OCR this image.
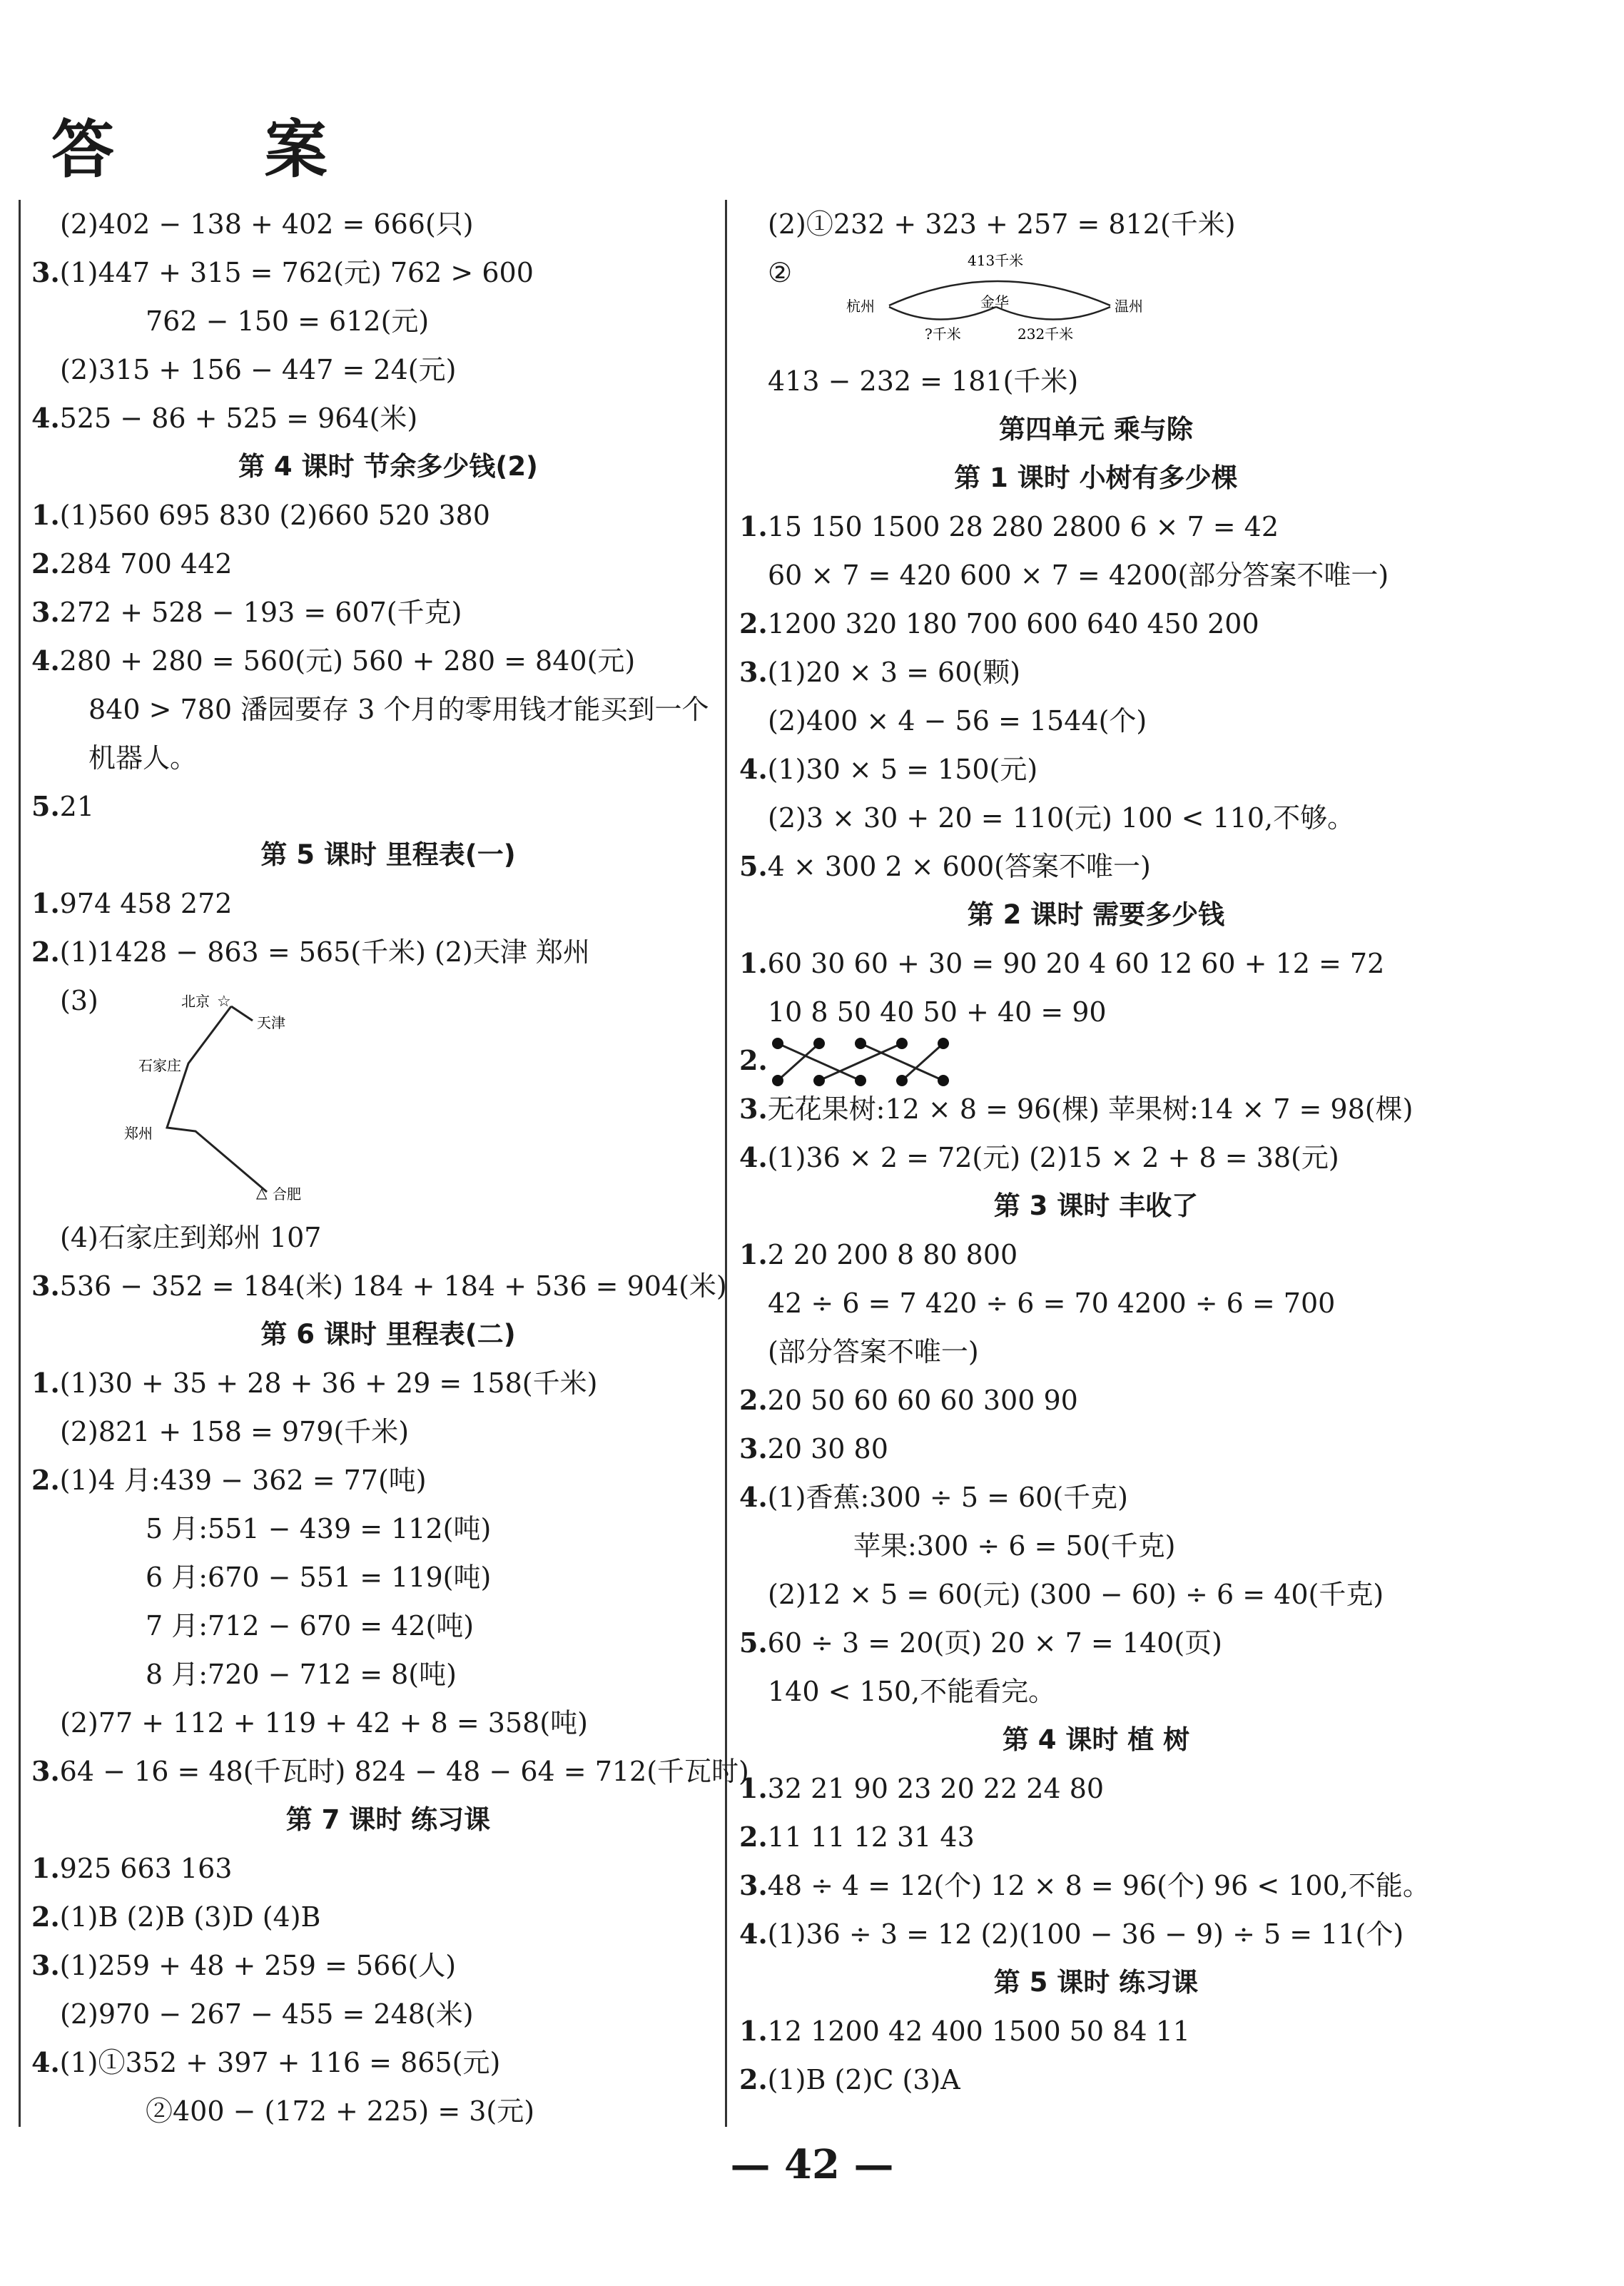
答 案
(2)402 − 138 + 402 = 666(只)
3.(1)447 + 315 = 762(元) 762 > 600
762 − 150 = 612(元)
(2)315 + 156 − 447 = 24(元)
4.525 − 86 + 525 = 964(米)
第 4 课时 节余多少钱(2)
1.(1)560 695 830 (2)660 520 380
2.284 700 442
3.272 + 528 − 193 = 607(千克)
4.280 + 280 = 560(元) 560 + 280 = 840(元)
840 > 780 潘园要存 3 个月的零用钱才能买到一个
机器人。
5.21
第 5 课时 里程表(一)
1.974 458 272
2.(1)1428 − 863 = 565(千米) (2)天津 郑州
(3)	北京 ☆
天津
石家庄
郑州
△ 合肥
(4)石家庄到郑州 107
3.536 − 352 = 184(米) 184 + 184 + 536 = 904(米)
第 6 课时 里程表(二)
1.(1)30 + 35 + 28 + 36 + 29 = 158(千米)
(2)821 + 158 = 979(千米)
2.(1)4 月:439 − 362 = 77(吨)
5 月:551 − 439 = 112(吨)
6 月:670 − 551 = 119(吨)
7 月:712 − 670 = 42(吨)
8 月:720 − 712 = 8(吨)
(2)77 + 112 + 119 + 42 + 8 = 358(吨)
3.64 − 16 = 48(千瓦时) 824 − 48 − 64 = 712(千瓦时)
第 7 课时 练习课
1.925 663 163
2.(1)B (2)B (3)D (4)B
3.(1)259 + 48 + 259 = 566(人)
(2)970 − 267 − 455 = 248(米)
4.(1)①352 + 397 + 116 = 865(元)
②400 − (172 + 225) = 3(元)
(2)①232 + 323 + 257 = 812(千米)
②	413千米
杭州	金华	温州
?千米	232千米
413 − 232 = 181(千米)
第四单元 乘与除
第 1 课时 小树有多少棵
1.15 150 1500 28 280 2800 6 × 7 = 42
60 × 7 = 420 600 × 7 = 4200(部分答案不唯一)
2.1200 320 180 700 600 640 450 200
3.(1)20 × 3 = 60(颗)
(2)400 × 4 − 56 = 1544(个)
4.(1)30 × 5 = 150(元)
(2)3 × 30 + 20 = 110(元) 100 < 110,不够。
5.4 × 300 2 × 600(答案不唯一)
第 2 课时 需要多少钱
1.60 30 60 + 30 = 90 20 4 60 12 60 + 12 = 72
10 8 50 40 50 + 40 = 90
2.
3.无花果树:12 × 8 = 96(棵) 苹果树:14 × 7 = 98(棵)
4.(1)36 × 2 = 72(元) (2)15 × 2 + 8 = 38(元)
第 3 课时 丰收了
1.2 20 200 8 80 800
42 ÷ 6 = 7 420 ÷ 6 = 70 4200 ÷ 6 = 700
(部分答案不唯一)
2.20 50 60 60 60 300 90
3.20 30 80
4.(1)香蕉:300 ÷ 5 = 60(千克)
苹果:300 ÷ 6 = 50(千克)
(2)12 × 5 = 60(元) (300 − 60) ÷ 6 = 40(千克)
5.60 ÷ 3 = 20(页) 20 × 7 = 140(页)
140 < 150,不能看完。
第 4 课时 植 树
1.32 21 90 23 20 22 24 80
2.11 11 12 31 43
3.48 ÷ 4 = 12(个) 12 × 8 = 96(个) 96 < 100,不能。
4.(1)36 ÷ 3 = 12 (2)(100 − 36 − 9) ÷ 5 = 11(个)
第 5 课时 练习课
1.12 1200 42 400 1500 50 84 11
2.(1)B (2)C (3)A
— 42 —
